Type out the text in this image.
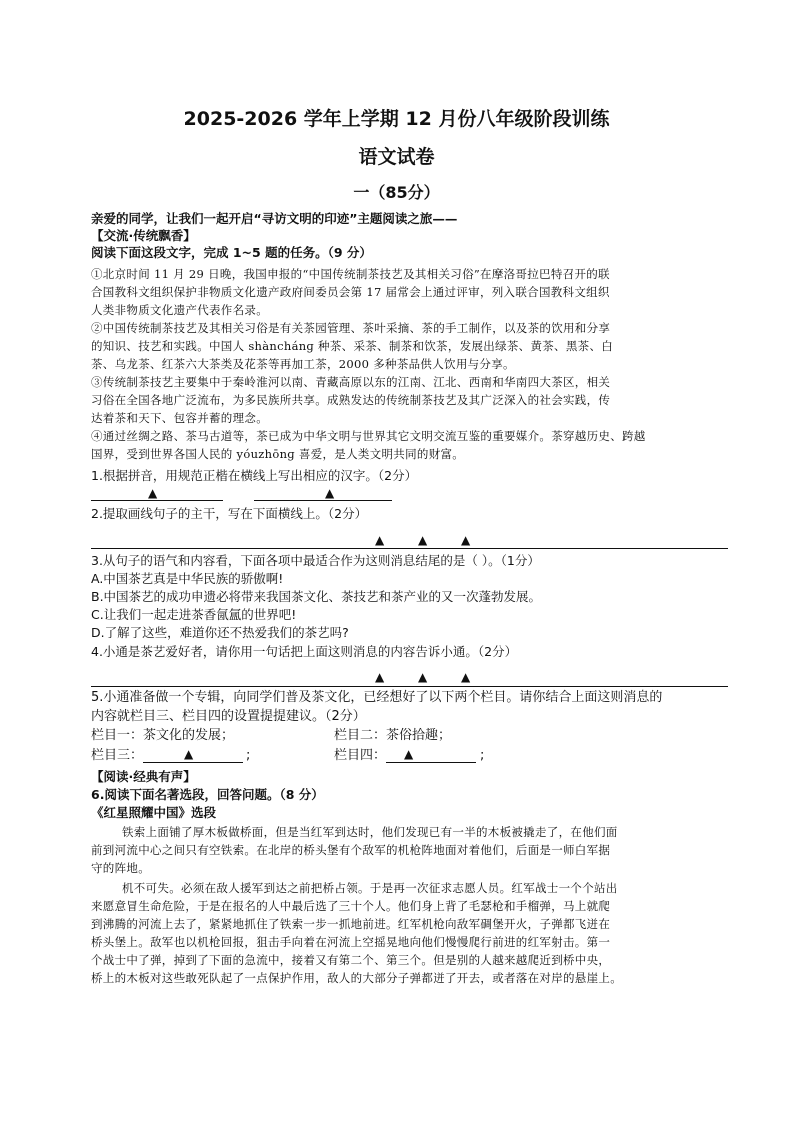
2025-2026 学年上学期 12 月份八年级阶段训练
语文试卷
一（85分）
亲爱的同学，让我们一起开启“寻访文明的印迹”主题阅读之旅——
【交流·传统飘香】
阅读下面这段文字，完成 1~5 题的任务。（9 分）
①北京时间 11 月 29 日晚，我国申报的“中国传统制茶技艺及其相关习俗”在摩洛哥拉巴特召开的联
合国教科文组织保护非物质文化遗产政府间委员会第 17 届常会上通过评审，列入联合国教科文组织
人类非物质文化遗产代表作名录。
②中国传统制茶技艺及其相关习俗是有关茶园管理、茶叶采摘、茶的手工制作，以及茶的饮用和分享
的知识、技艺和实践。中国人 shànchánɡ 种茶、采茶、制茶和饮茶，发展出绿茶、黄茶、黑茶、白
茶、乌龙茶、红茶六大茶类及花茶等再加工茶，2000 多种茶品供人饮用与分享。
③传统制茶技艺主要集中于秦岭淮河以南、青藏高原以东的江南、江北、西南和华南四大茶区，相关
习俗在全国各地广泛流布，为多民族所共享。成熟发达的传统制茶技艺及其广泛深入的社会实践，传
达着茶和天下、包容并蓄的理念。
④通过丝绸之路、茶马古道等，茶已成为中华文明与世界其它文明交流互鉴的重要媒介。茶穿越历史、跨越
国界，受到世界各国人民的 yóuzhōnɡ 喜爱，是人类文明共同的财富。
1.根据拼音，用规范正楷在横线上写出相应的汉字。（2分）
▲	▲
2.提取画线句子的主干，写在下面横线上。（2分）
▲	▲	▲
3.从句子的语气和内容看，下面各项中最适合作为这则消息结尾的是（ ）。（1分）
A.中国茶艺真是中华民族的骄傲啊!
B.中国茶艺的成功申遗必将带来我国茶文化、茶技艺和茶产业的又一次蓬勃发展。
C.让我们一起走进茶香氤氲的世界吧!
D.了解了这些，难道你还不热爱我们的茶艺吗?
4.小通是茶艺爱好者，请你用一句话把上面这则消息的内容告诉小通。（2分）
▲	▲	▲
5.小通准备做一个专辑，向同学们普及茶文化，已经想好了以下两个栏目。请你结合上面这则消息的
内容就栏目三、栏目四的设置提提建议。（2分）
栏目一：茶文化的发展；	栏目二：茶俗拾趣；
栏目三：	▲	;	栏目四：	▲	;
【阅读·经典有声】
6.阅读下面名著选段，回答问题。（8 分）
《红星照耀中国》选段
铁索上面铺了厚木板做桥面，但是当红军到达时，他们发现已有一半的木板被撬走了，在他们面
前到河流中心之间只有空铁索。在北岸的桥头堡有个敌军的机枪阵地面对着他们，后面是一师白军据
守的阵地。
机不可失。必须在敌人援军到达之前把桥占领。于是再一次征求志愿人员。红军战士一个个站出
来愿意冒生命危险，于是在报名的人中最后选了三十个人。他们身上背了毛瑟枪和手榴弹，马上就爬
到沸腾的河流上去了，紧紧地抓住了铁索一步一抓地前进。红军机枪向敌军碉堡开火，子弹都飞迸在
桥头堡上。敌军也以机枪回报，狙击手向着在河流上空摇晃地向他们慢慢爬行前进的红军射击。第一
个战士中了弹，掉到了下面的急流中，接着又有第二个、第三个。但是别的人越来越爬近到桥中央，
桥上的木板对这些敢死队起了一点保护作用，敌人的大部分子弹都迸了开去，或者落在对岸的悬崖上。
